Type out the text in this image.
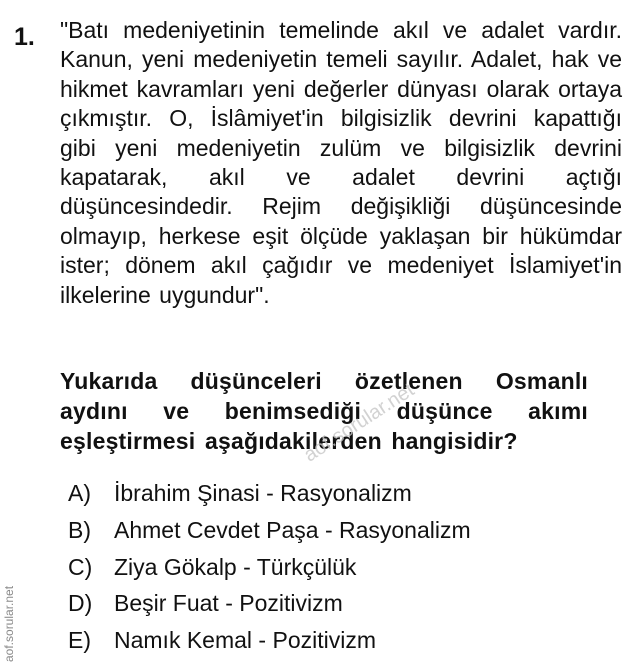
1. "Batı medeniyetinin temelinde akıl ve adalet vardır. Kanun, yeni medeniyetin temeli sayılır. Adalet, hak ve hikmet kavramları yeni değerler dünyası olarak ortaya çıkmıştır. O, İslâmiyet'in bilgisizlik devrini kapattığı gibi yeni medeniyetin zulüm ve bilgisizlik devrini kapatarak, akıl ve adalet devrini açtığı düşüncesindedir. Rejim değişikliği düşüncesinde olmayıp, herkese eşit ölçüde yaklaşan bir hükümdar ister; dönem akıl çağıdır ve medeniyet İslamiyet'in ilkelerine uygundur".
Yukarıda düşünceleri özetlenen Osmanlı aydını ve benimsediği düşünce akımı eşleştirmesi aşağıdakilerden hangisidir?
A) İbrahim Şinasi - Rasyonalizm
B) Ahmet Cevdet Paşa - Rasyonalizm
C) Ziya Gökalp - Türkçülük
D) Beşir Fuat - Pozitivizm
E) Namık Kemal - Pozitivizm
aof.sorular.net
aof.sorular.net
